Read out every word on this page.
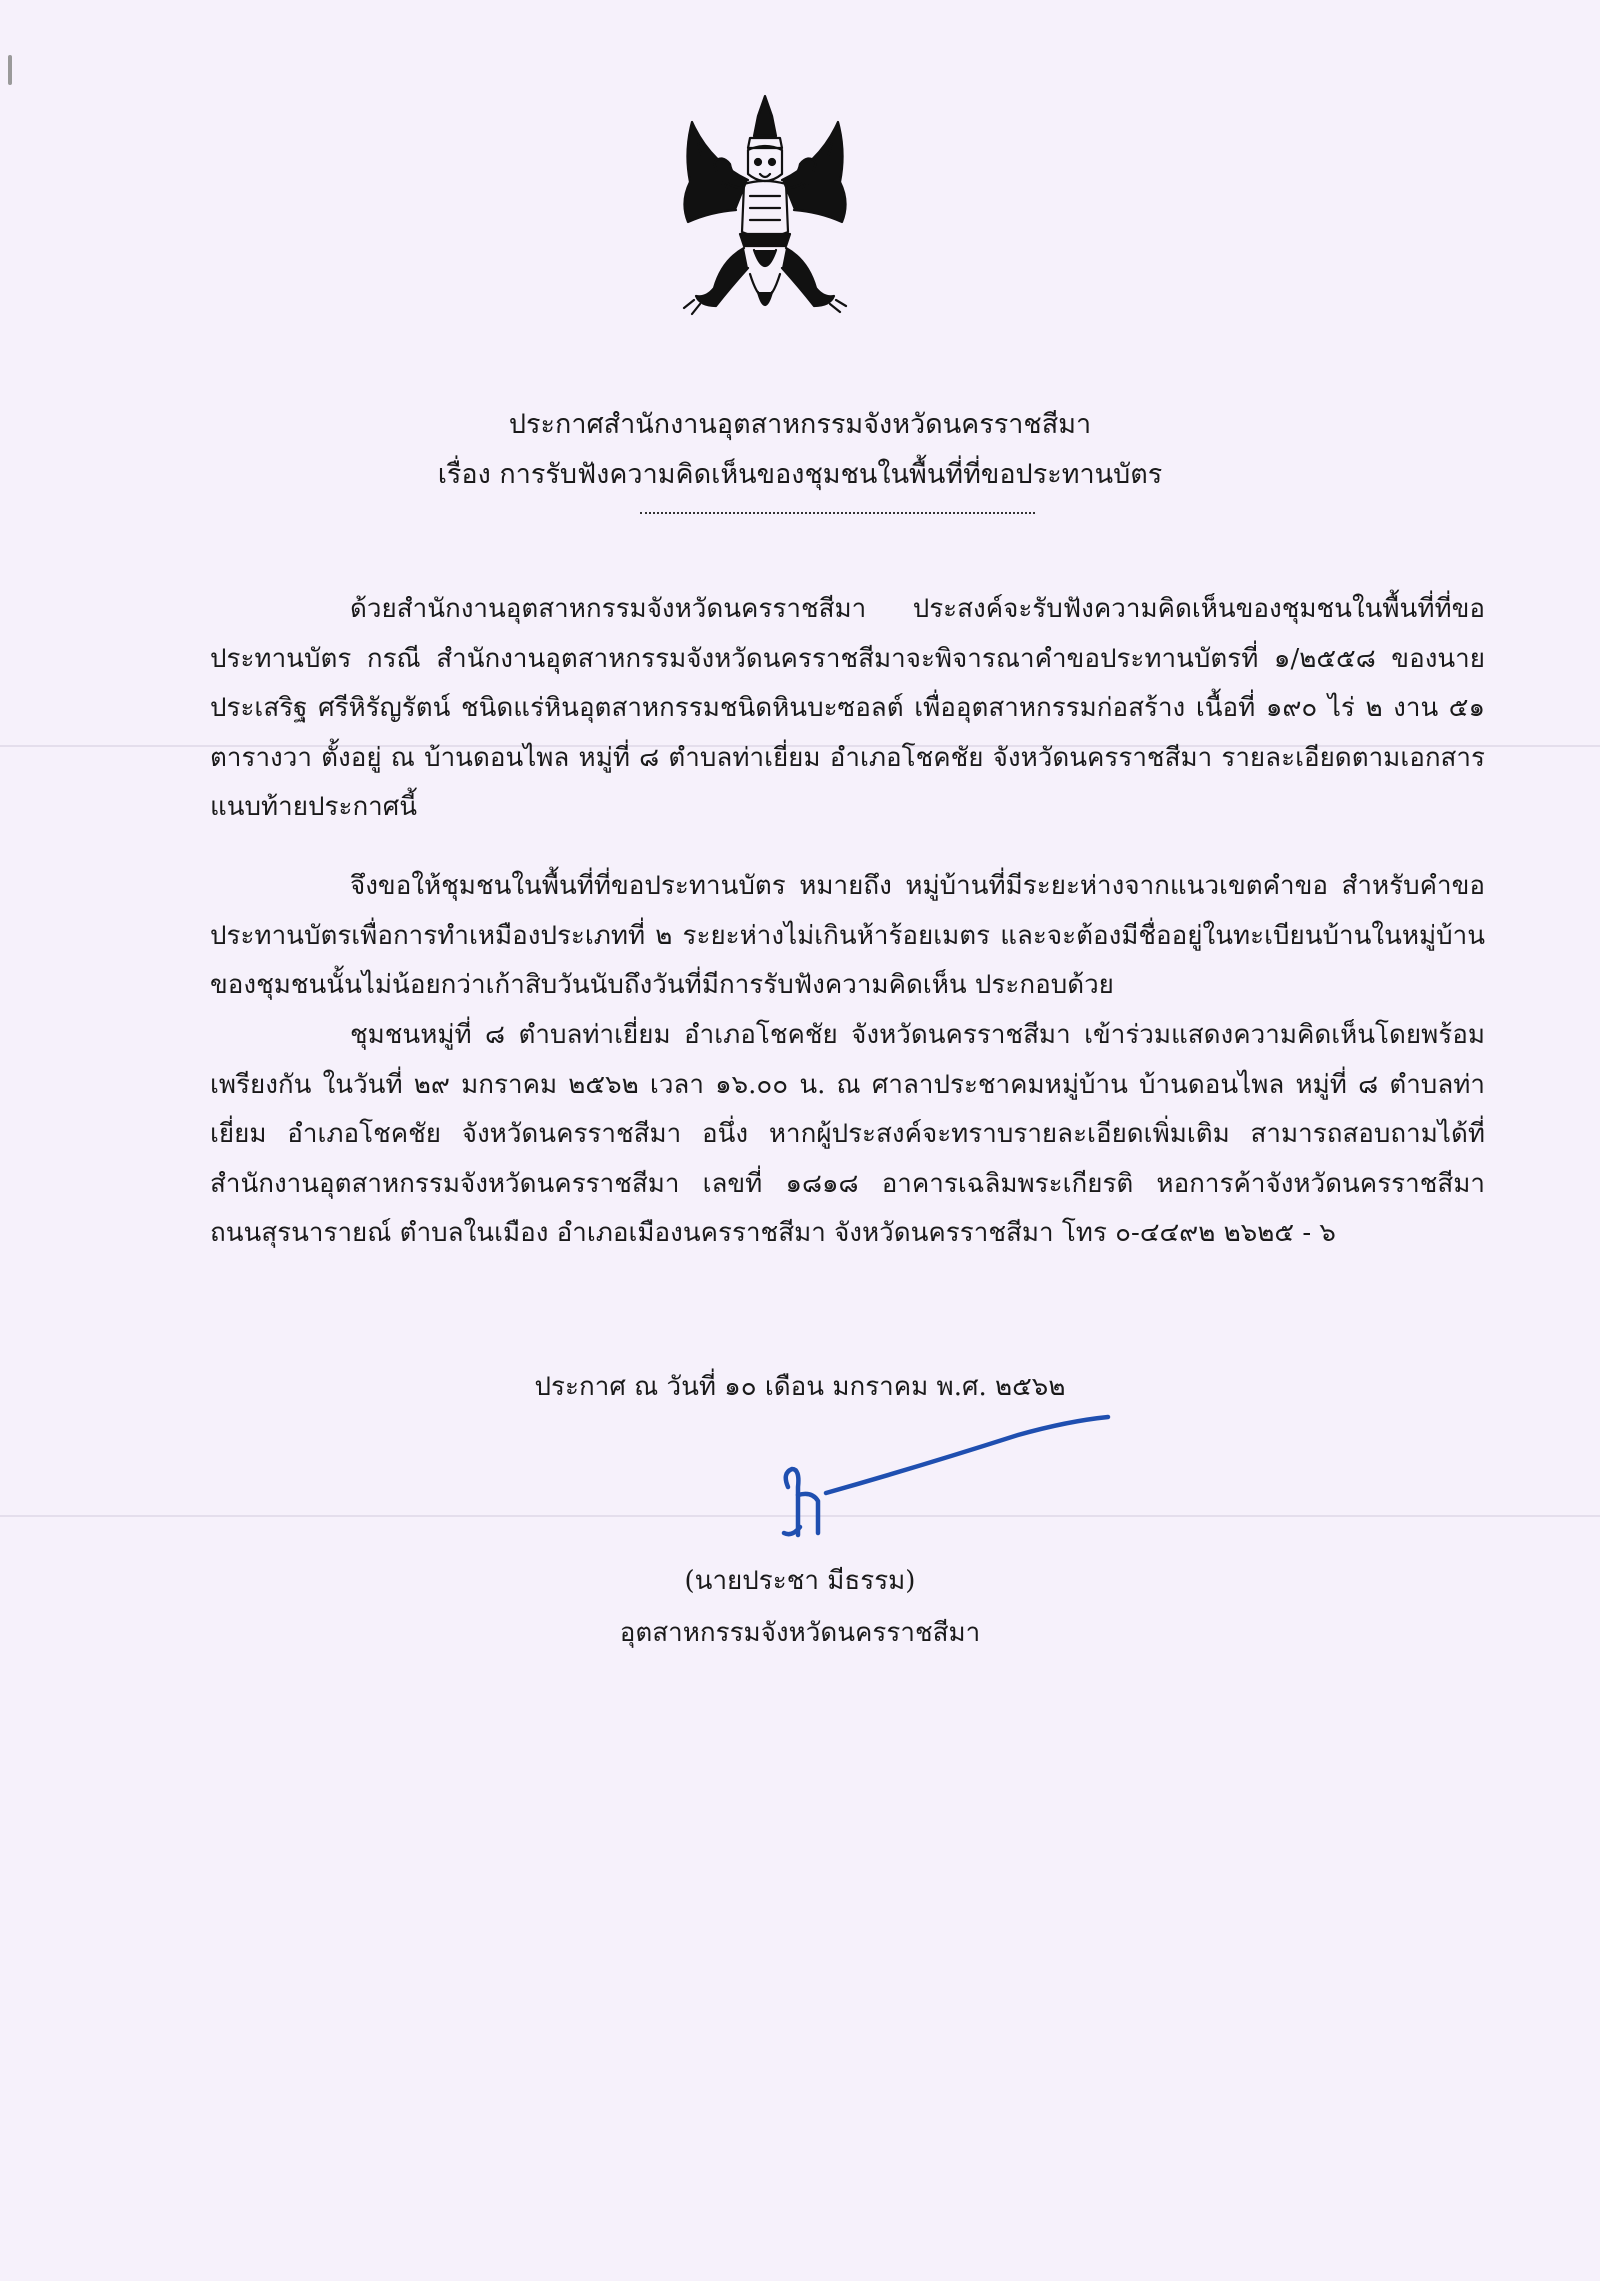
ประกาศสำนักงานอุตสาหกรรมจังหวัดนครราชสีมา
เรื่อง การรับฟังความคิดเห็นของชุมชนในพื้นที่ที่ขอประทานบัตร
ด้วยสำนักงานอุตสาหกรรมจังหวัดนครราชสีมา ประสงค์จะรับฟังความคิดเห็นของชุมชนในพื้นที่ที่ขอประทานบัตร กรณี สำนักงานอุตสาหกรรมจังหวัดนครราชสีมาจะพิจารณาคำขอประทานบัตรที่ ๑/๒๕๕๘ ของนายประเสริฐ ศรีหิรัญรัตน์ ชนิดแร่หินอุตสาหกรรมชนิดหินบะซอลต์ เพื่ออุตสาหกรรมก่อสร้าง เนื้อที่ ๑๙๐ ไร่ ๒ งาน ๕๑ ตารางวา ตั้งอยู่ ณ บ้านดอนไพล หมู่ที่ ๘ ตำบลท่าเยี่ยม อำเภอโชคชัย จังหวัดนครราชสีมา รายละเอียดตามเอกสารแนบท้ายประกาศนี้
จึงขอให้ชุมชนในพื้นที่ที่ขอประทานบัตร หมายถึง หมู่บ้านที่มีระยะห่างจากแนวเขตคำขอ สำหรับคำขอประทานบัตรเพื่อการทำเหมืองประเภทที่ ๒ ระยะห่างไม่เกินห้าร้อยเมตร และจะต้องมีชื่ออยู่ในทะเบียนบ้านในหมู่บ้านของชุมชนนั้นไม่น้อยกว่าเก้าสิบวันนับถึงวันที่มีการรับฟังความคิดเห็น ประกอบด้วย
ชุมชนหมู่ที่ ๘ ตำบลท่าเยี่ยม อำเภอโชคชัย จังหวัดนครราชสีมา เข้าร่วมแสดงความคิดเห็นโดยพร้อมเพรียงกัน ในวันที่ ๒๙ มกราคม ๒๕๖๒ เวลา ๑๖.๐๐ น. ณ ศาลาประชาคมหมู่บ้าน บ้านดอนไพล หมู่ที่ ๘ ตำบลท่าเยี่ยม อำเภอโชคชัย จังหวัดนครราชสีมา อนึ่ง หากผู้ประสงค์จะทราบรายละเอียดเพิ่มเติม สามารถสอบถามได้ที่ สำนักงานอุตสาหกรรมจังหวัดนครราชสีมา เลขที่ ๑๘๑๘ อาคารเฉลิมพระเกียรติ หอการค้าจังหวัดนครราชสีมา ถนนสุรนารายณ์ ตำบลในเมือง อำเภอเมืองนครราชสีมา จังหวัดนครราชสีมา โทร ๐-๔๔๙๒ ๒๖๒๕ - ๖
ประกาศ ณ วันที่ ๑๐ เดือน มกราคม พ.ศ. ๒๕๖๒
(นายประชา มีธรรม)
อุตสาหกรรมจังหวัดนครราชสีมา
